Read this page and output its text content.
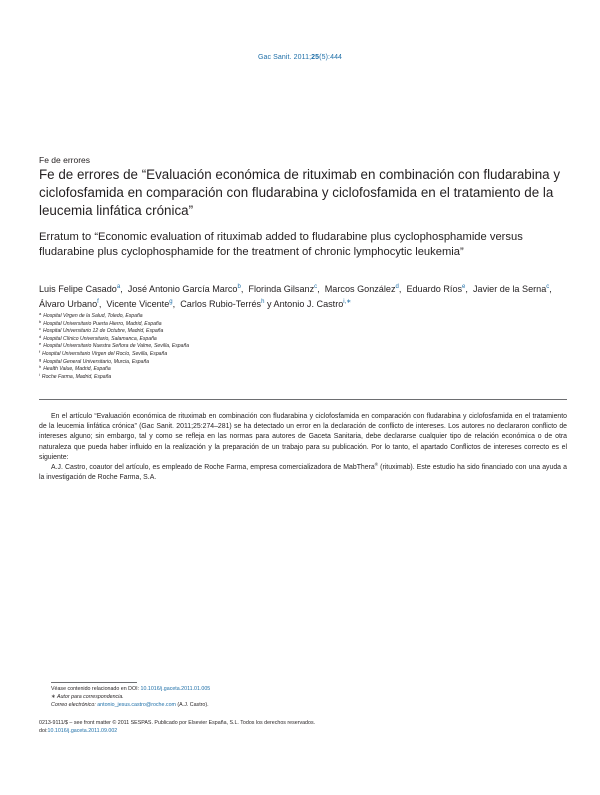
Gac Sanit. 2011;25(5):444
Fe de errores
Fe de errores de “Evaluación económica de rituximab en combinación con fludarabina y ciclofosfamida en comparación con fludarabina y ciclofosfamida en el tratamiento de la leucemia linfática crónica”
Erratum to “Economic evaluation of rituximab added to fludarabine plus cyclophosphamide versus fludarabine plus cyclophosphamide for the treatment of chronic lymphocytic leukemia”
Luis Felipe Casado$^a$,  José Antonio García Marco$^b$,  Florinda Gilsanz$^c$,  Marcos González$^d$,  Eduardo Ríos$^e$,  Javier de la Serna$^c$,  Álvaro Urbano$^f$,  Vicente Vicente$^g$,  Carlos Rubio-Terrés$^h$ y Antonio J. Castro$^{i,∗}$
$^a$ Hospital Virgen de la Salud, Toledo, España
$^b$ Hospital Universitario Puerta Hierro, Madrid, España
$^c$ Hospital Universitario 12 de Octubre, Madrid, España
$^d$ Hospital Clínico Universitario, Salamanca, España
$^e$ Hospital Universitario Nuestra Señora de Valme, Sevilla, España
$^f$ Hospital Universitario Virgen del Rocío, Sevilla, España
$^g$ Hospital General Universitario, Murcia, España
$^h$ Health Value, Madrid, España
$^i$ Roche Farma, Madrid, España

En el artículo “Evaluación económica de rituximab en combinación con fludarabina y ciclofosfamida en comparación con fludarabina y ciclofosfamida en el tratamiento de la leucemia linfática crónica” (Gac Sanit. 2011;25:274–281) se ha detectado un error en la declaración de conflicto de intereses. Los autores no declararon conflicto de intereses alguno; sin embargo, tal y como se refleja en las normas para autores de Gaceta Sanitaria, debe declararse cualquier tipo de relación económica o de otra naturaleza que pueda haber influido en la realización y la preparación de un trabajo para su publicación. Por lo tanto, el apartado Conflictos de intereses correcto es el siguiente:

A.J. Castro, coautor del artículo, es empleado de Roche Farma, empresa comercializadora de MabThera® (rituximab). Este estudio ha sido financiado con una ayuda a la investigación de Roche Farma, S.A.

Véase contenido relacionado en DOI: 10.1016/j.gaceta.2011.01.005
∗ Autor para correspondencia.
Correo electrónico: antonio_jesus.castro@roche.com (A.J. Castro).
0213-9111/$ – see front matter © 2011 SESPAS. Publicado por Elsevier España, S.L. Todos los derechos reservados.
doi:10.1016/j.gaceta.2011.09.002
